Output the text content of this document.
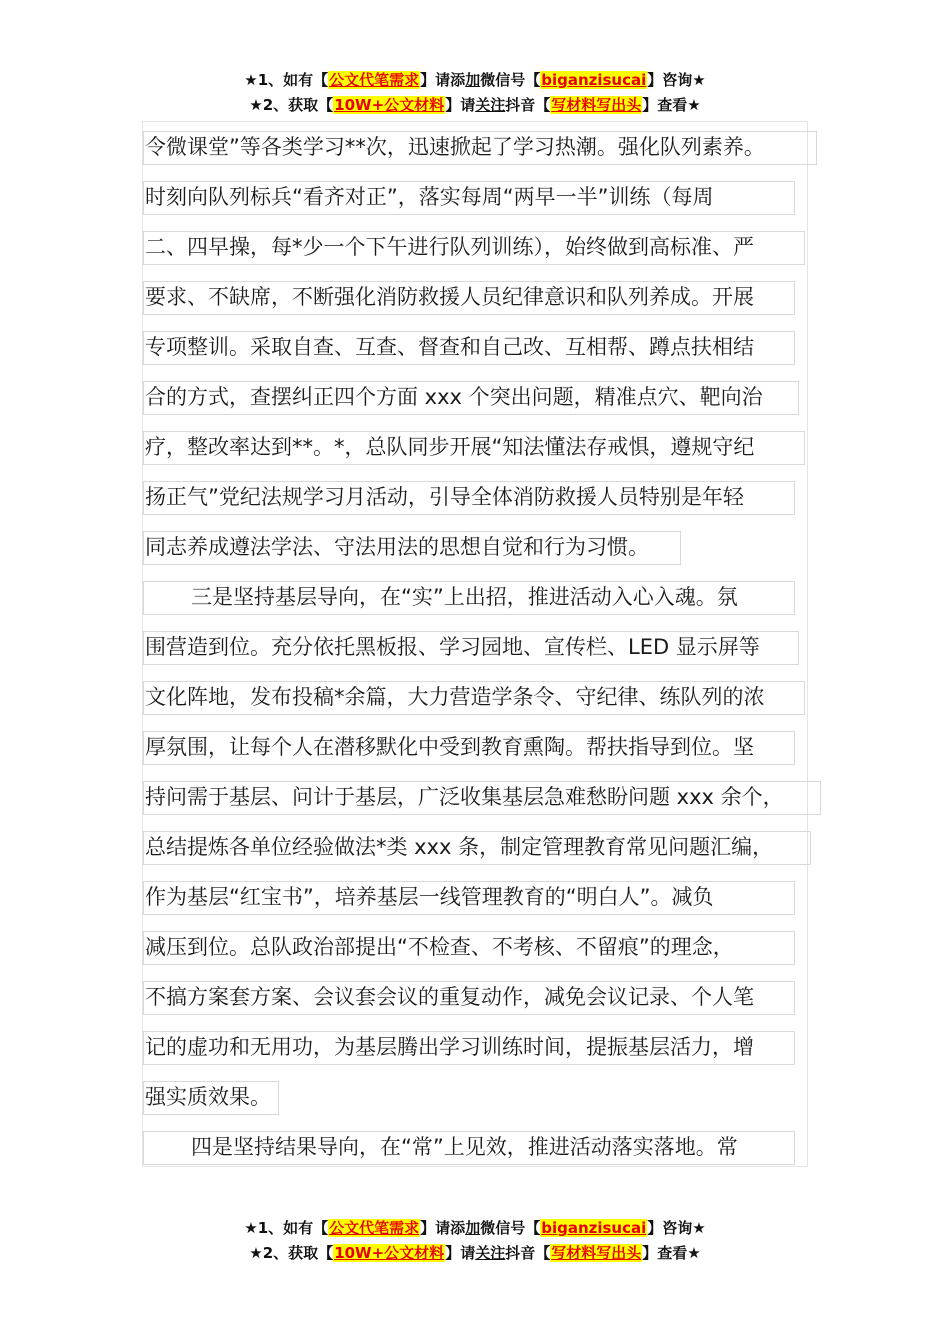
★1、如有【公文代笔需求】请添加微信号【biganzisucai】咨询★
★2、获取【10W+公文材料】请关注抖音【写材料写出头】查看★
令微课堂”等各类学习**次，迅速掀起了学习热潮。强化队列素养。
时刻向队列标兵“看齐对正”，落实每周“两早一半”训练（每周
二、四早操，每*少一个下午进行队列训练），始终做到高标准、严
要求、不缺席，不断强化消防救援人员纪律意识和队列养成。开展
专项整训。采取自查、互查、督查和自己改、互相帮、蹲点扶相结
合的方式，查摆纠正四个方面 xxx 个突出问题，精准点穴、靶向治
疗，整改率达到**。*，总队同步开展“知法懂法存戒惧，遵规守纪
扬正气”党纪法规学习月活动，引导全体消防救援人员特别是年轻
同志养成遵法学法、守法用法的思想自觉和行为习惯。
三是坚持基层导向，在“实”上出招，推进活动入心入魂。氛
围营造到位。充分依托黑板报、学习园地、宣传栏、LED 显示屏等
文化阵地，发布投稿*余篇，大力营造学条令、守纪律、练队列的浓
厚氛围，让每个人在潜移默化中受到教育熏陶。帮扶指导到位。坚
持问需于基层、问计于基层，广泛收集基层急难愁盼问题 xxx 余个，
总结提炼各单位经验做法*类 xxx 条，制定管理教育常见问题汇编，
作为基层“红宝书”，培养基层一线管理教育的“明白人”。减负
减压到位。总队政治部提出“不检查、不考核、不留痕”的理念，
不搞方案套方案、会议套会议的重复动作，减免会议记录、个人笔
记的虚功和无用功，为基层腾出学习训练时间，提振基层活力，增
强实质效果。
四是坚持结果导向，在“常”上见效，推进活动落实落地。常
★1、如有【公文代笔需求】请添加微信号【biganzisucai】咨询★
★2、获取【10W+公文材料】请关注抖音【写材料写出头】查看★
